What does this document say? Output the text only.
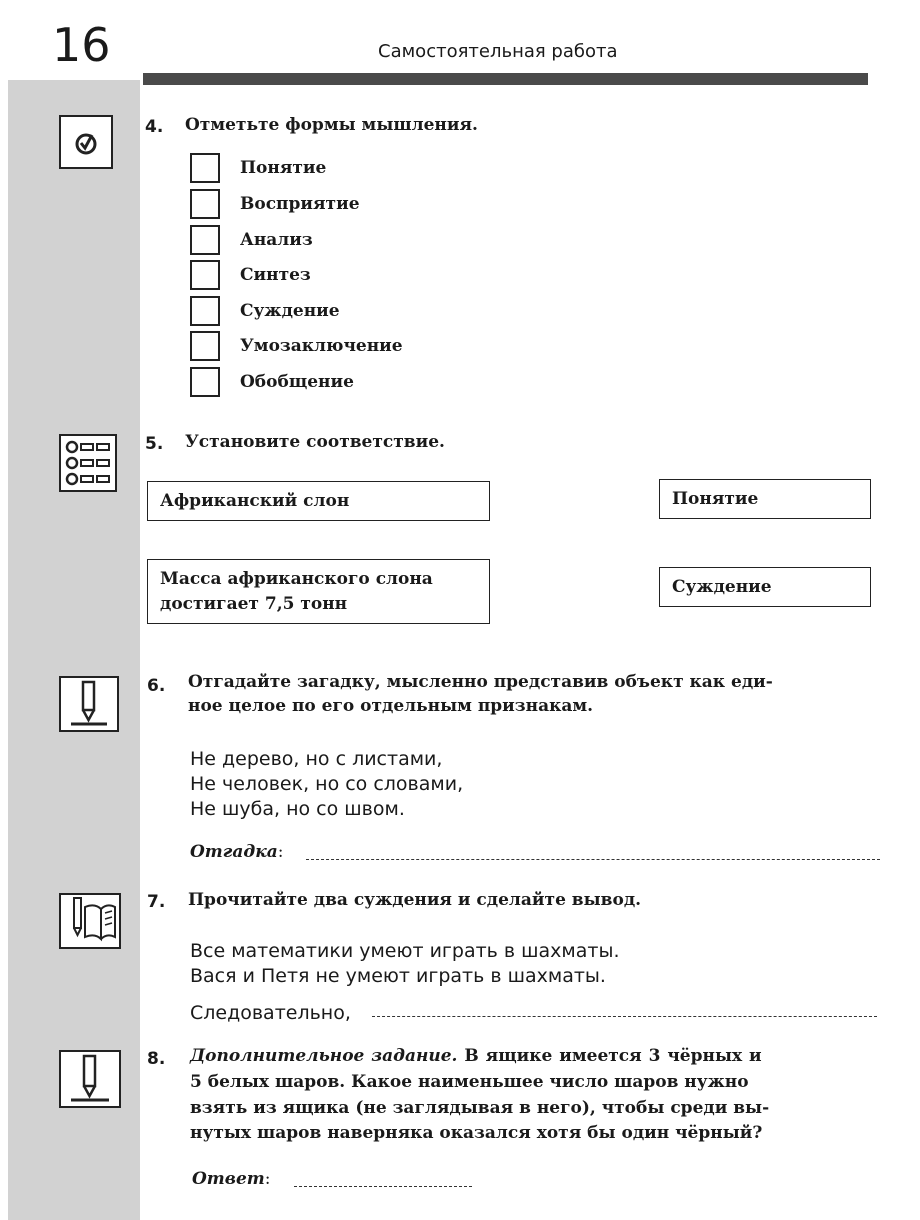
16	Самостоятельная работа
4. Отметьте формы мышления.
Понятие
Восприятие
Анализ
Синтез
Суждение
Умозаключение
Обобщение
5. Установите соответствие.
Африканский слон
Масса африканского слона
достигает 7,5 тонн
Понятие
Суждение
6. Отгадайте загадку, мысленно представив объект как еди-
ное целое по его отдельным признакам.
Не дерево, но с листами,
Не человек, но со словами,
Не шуба, но со швом.
Отгадка:
7. Прочитайте два суждения и сделайте вывод.
Все математики умеют играть в шахматы.
Вася и Петя не умеют играть в шахматы.
Следовательно,
8. Дополнительное задание. В ящике имеется 3 чёрных и
5 белых шаров. Какое наименьшее число шаров нужно
взять из ящика (не заглядывая в него), чтобы среди вы-
нутых шаров наверняка оказался хотя бы один чёрный?
Ответ:
